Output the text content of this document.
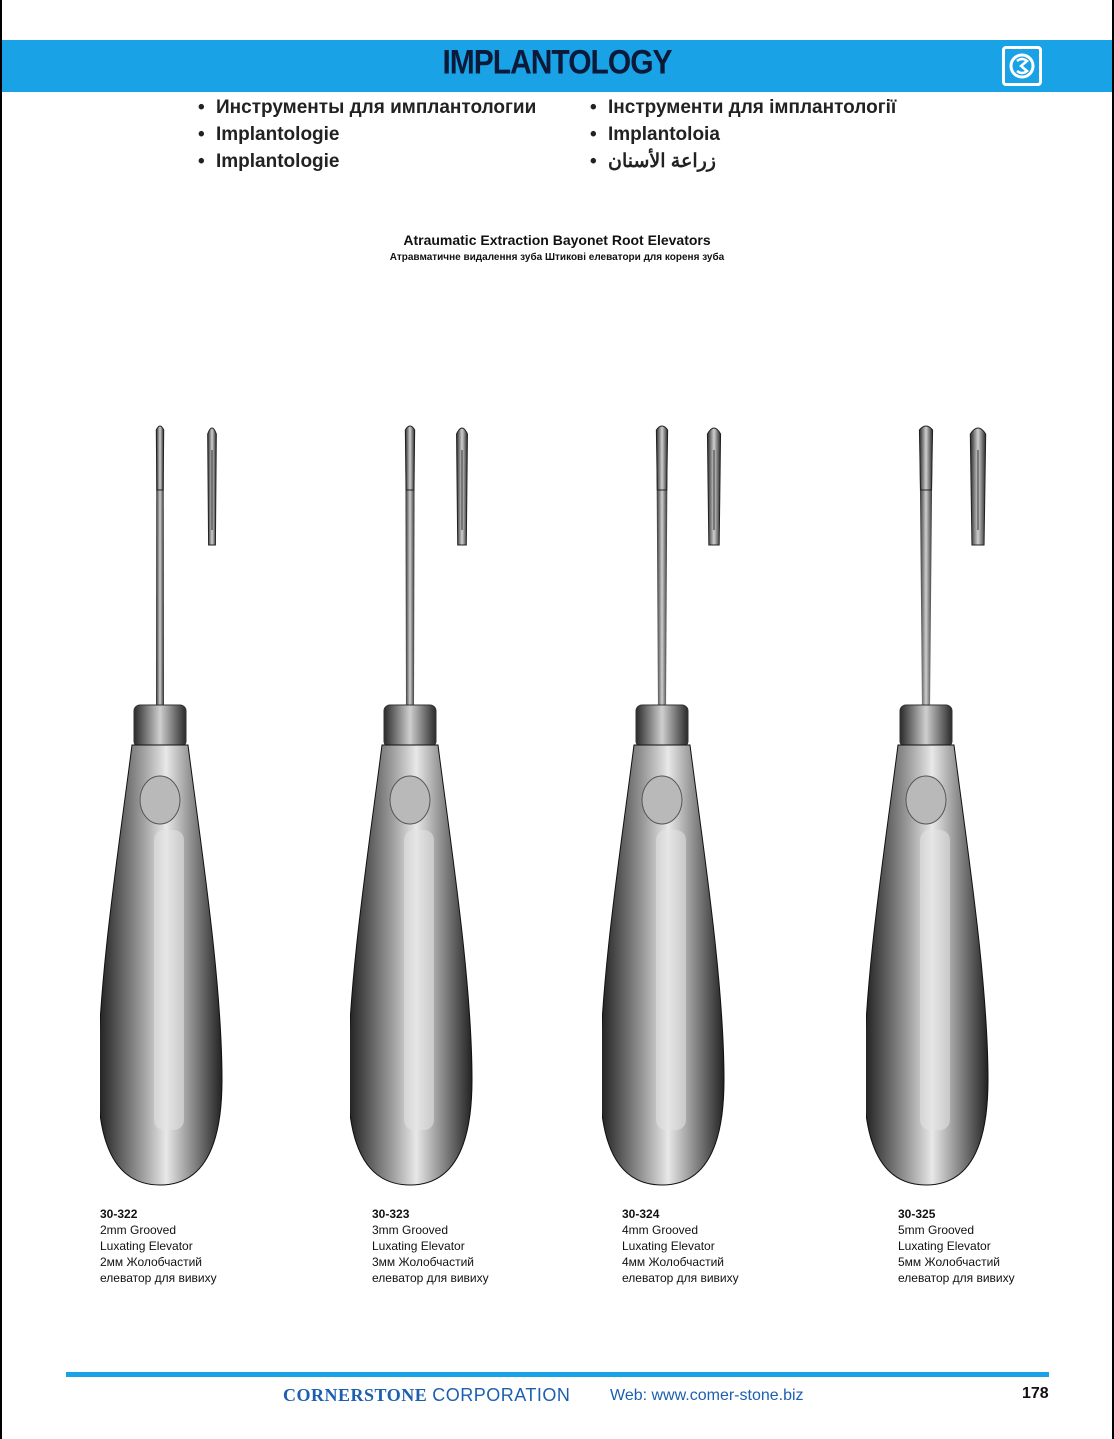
IMPLANTOLOGY
• Инструменты для имплантологии
• Implantologie
• Implantologie
• Інструменти для імплантології
• Implantoloia
• زراعة الأسنان
Atraumatic Extraction Bayonet Root Elevators
Атравматичне видалення зуба Штикові елеватори для кореня зуба
30-322
2mm Grooved
Luxating Elevator
2мм Жолобчастий
елеватор для вивиху
30-323
3mm Grooved
Luxating Elevator
3мм Жолобчастий
елеватор для вивиху
30-324
4mm Grooved
Luxating Elevator
4мм Жолобчастий
елеватор для вивиху
30-325
5mm Grooved
Luxating Elevator
5мм Жолобчастий
елеватор для вивиху
CORNERSTONE CORPORATION Web: www.comer-stone.biz	178
